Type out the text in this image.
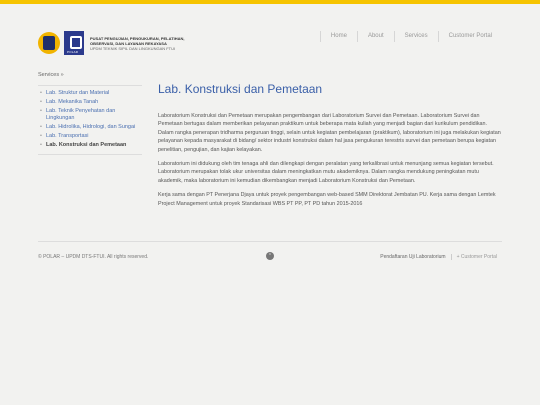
POLAR
PUSAT PENGUJIAN, PENGUKURAN, PELATIHAN,
OBSERVASI, DAN LAYANAN REKAYASA
UPDM TEKNIK SIPIL DAN LINGKUNGAN FTUI
Home	About	Services	Customer Portal
Services »
• Lab. Struktur dan Material
• Lab. Mekanika Tanah
• Lab. Teknik Penyehatan dan Lingkungan
• Lab. Hidrolika, Hidrologi, dan Sungai
• Lab. Transportasi
• Lab. Konstruksi dan Pemetaan
Lab. Konstruksi dan Pemetaan

Laboratorium Konstruksi dan Pemetaan merupakan pengembangan dari Laboratorium Survei dan Pemetaan. Laboratorium Survei dan Pemetaan bertugas dalam memberikan pelayanan praktikum untuk beberapa mata kuliah yang menjadi bagian dari kurikulum pendidikan. Dalam rangka penerapan tridharma perguruan tinggi, selain untuk kegiatan pembelajaran (praktikum), laboratorium ini juga melakukan kegiatan pelayanan kepada masyarakat di bidang/ sektor industri konstruksi dalam hal jasa pengukuran terestris survei dan pemetaan berupa kegiatan penelitian, pengujian, dan kajian kelayakan.

Laboratorium ini didukung oleh tim tenaga ahli dan dilengkapi dengan peralatan yang terkalibrasi untuk menunjang semua kegiatan tersebut. Laboratorium merupakan tolak ukur universitas dalam meningkatkan mutu akademiknya. Dalam rangka mendukung peningkatan mutu akademik, maka laboratorium ini kemudian dikembangkan menjadi Laboratorium Konstruksi dan Pemetaan.

Kerja sama dengan PT Penerjana Djaya untuk proyek pengembangan web-based SMM Direktorat Jembatan PU. Kerja sama dengan Lemtek Project Management untuk proyek Standarisasi WBS PT PP, PT PD tahun 2015-2016

© POLAR – UPDM DTS-FTUI. All rights reserved.	⌃	Pendaftaran Uji Laboratorium	+ Customer Portal
